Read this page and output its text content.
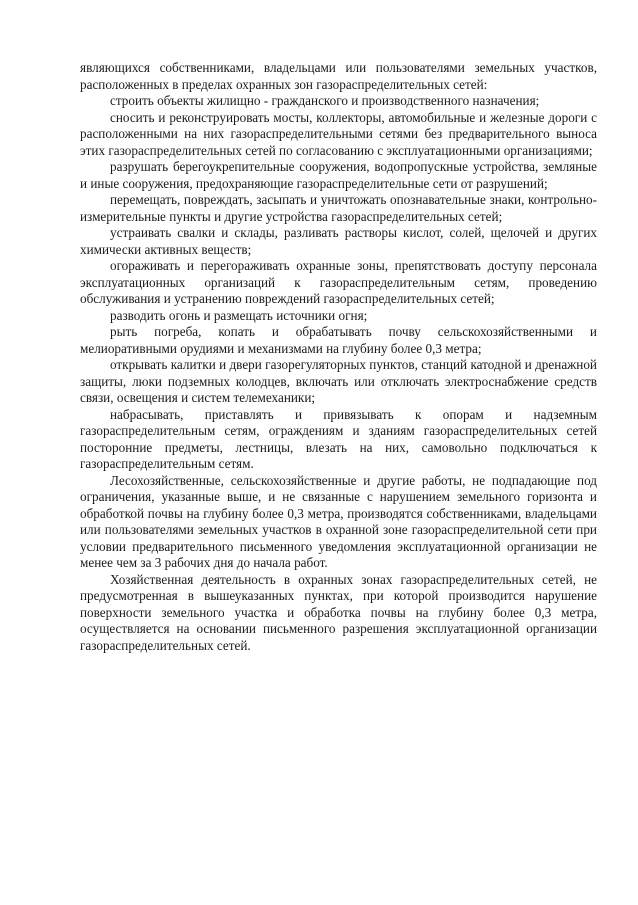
являющихся собственниками, владельцами или пользователями земельных участков, расположенных в пределах охранных зон газораспределительных сетей:

строить объекты жилищно - гражданского и производственного назначения;

сносить и реконструировать мосты, коллекторы, автомобильные и железные дороги с расположенными на них газораспределительными сетями без предварительного выноса этих газораспределительных сетей по согласованию с эксплуатационными организациями;

разрушать берегоукрепительные сооружения, водопропускные устройства, земляные и иные сооружения, предохраняющие газораспределительные сети от разрушений;

перемещать, повреждать, засыпать и уничтожать опознавательные знаки, контрольно-измерительные пункты и другие устройства газораспределительных сетей;

устраивать свалки и склады, разливать растворы кислот, солей, щелочей и других химически активных веществ;

огораживать и перегораживать охранные зоны, препятствовать доступу персонала эксплуатационных организаций к газораспределительным сетям, проведению обслуживания и устранению повреждений газораспределительных сетей;

разводить огонь и размещать источники огня;

рыть погреба, копать и обрабатывать почву сельскохозяйственными и мелиоративными орудиями и механизмами на глубину более 0,3 метра;

открывать калитки и двери газорегуляторных пунктов, станций катодной и дренажной защиты, люки подземных колодцев, включать или отключать электроснабжение средств связи, освещения и систем телемеханики;

набрасывать, приставлять и привязывать к опорам и надземным газораспределительным сетям, ограждениям и зданиям газораспределительных сетей посторонние предметы, лестницы, влезать на них, самовольно подключаться к газораспределительным сетям.

Лесохозяйственные, сельскохозяйственные и другие работы, не подпадающие под ограничения, указанные выше, и не связанные с нарушением земельного горизонта и обработкой почвы на глубину более 0,3 метра, производятся собственниками, владельцами или пользователями земельных участков в охранной зоне газораспределительной сети при условии предварительного письменного уведомления эксплуатационной организации не менее чем за 3 рабочих дня до начала работ.

Хозяйственная деятельность в охранных зонах газораспределительных сетей, не предусмотренная в вышеуказанных пунктах, при которой производится нарушение поверхности земельного участка и обработка почвы на глубину более 0,3 метра, осуществляется на основании письменного разрешения эксплуатационной организации газораспределительных сетей.
